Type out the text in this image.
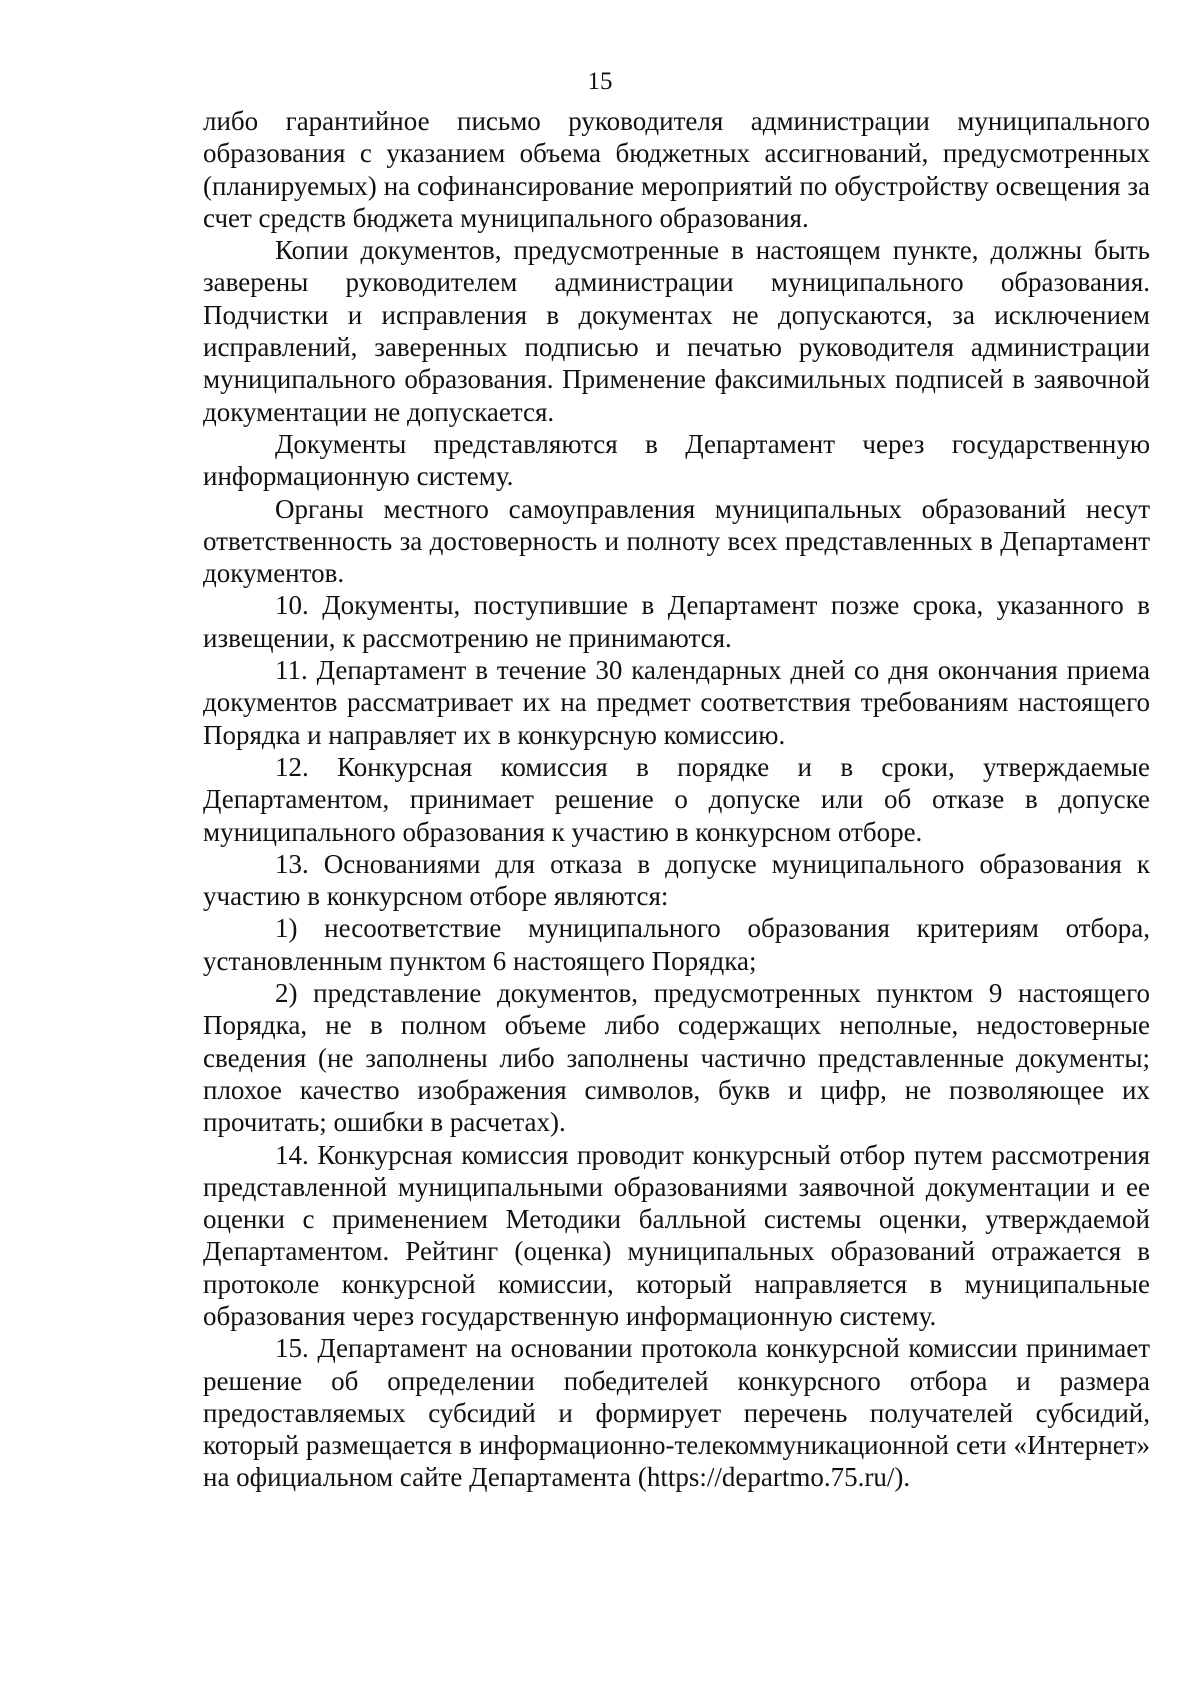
15

либо гарантийное письмо руководителя администрации муниципального образования с указанием объема бюджетных ассигнований, предусмотренных (планируемых) на софинансирование мероприятий по обустройству освещения за счет средств бюджета муниципального образования.

Копии документов, предусмотренные в настоящем пункте, должны быть заверены руководителем администрации муниципального образования. Подчистки и исправления в документах не допускаются, за исключением исправлений, заверенных подписью и печатью руководителя администрации муниципального образования. Применение факсимильных подписей в заявочной документации не допускается.

Документы представляются в Департамент через государственную информационную систему.

Органы местного самоуправления муниципальных образований несут ответственность за достоверность и полноту всех представленных в Департамент документов.

10. Документы, поступившие в Департамент позже срока, указанного в извещении, к рассмотрению не принимаются.

11. Департамент в течение 30 календарных дней со дня окончания приема документов рассматривает их на предмет соответствия требованиям настоящего Порядка и направляет их в конкурсную комиссию.

12. Конкурсная комиссия в порядке и в сроки, утверждаемые Департаментом, принимает решение о допуске или об отказе в допуске муниципального образования к участию в конкурсном отборе.

13. Основаниями для отказа в допуске муниципального образования к участию в конкурсном отборе являются:

1) несоответствие муниципального образования критериям отбора, установленным пунктом 6 настоящего Порядка;

2) представление документов, предусмотренных пунктом 9 настоящего Порядка, не в полном объеме либо содержащих неполные, недостоверные сведения (не заполнены либо заполнены частично представленные документы; плохое качество изображения символов, букв и цифр, не позволяющее их прочитать; ошибки в расчетах).

14. Конкурсная комиссия проводит конкурсный отбор путем рассмотрения представленной муниципальными образованиями заявочной документации и ее оценки с применением Методики балльной системы оценки, утверждаемой Департаментом. Рейтинг (оценка) муниципальных образований отражается в протоколе конкурсной комиссии, который направляется в муниципальные образования через государственную информационную систему.

15. Департамент на основании протокола конкурсной комиссии принимает решение об определении победителей конкурсного отбора и размера предоставляемых субсидий и формирует перечень получателей субсидий, который размещается в информационно-телекоммуникационной сети «Интернет» на официальном сайте Департамента (https://departmo.75.ru/).
